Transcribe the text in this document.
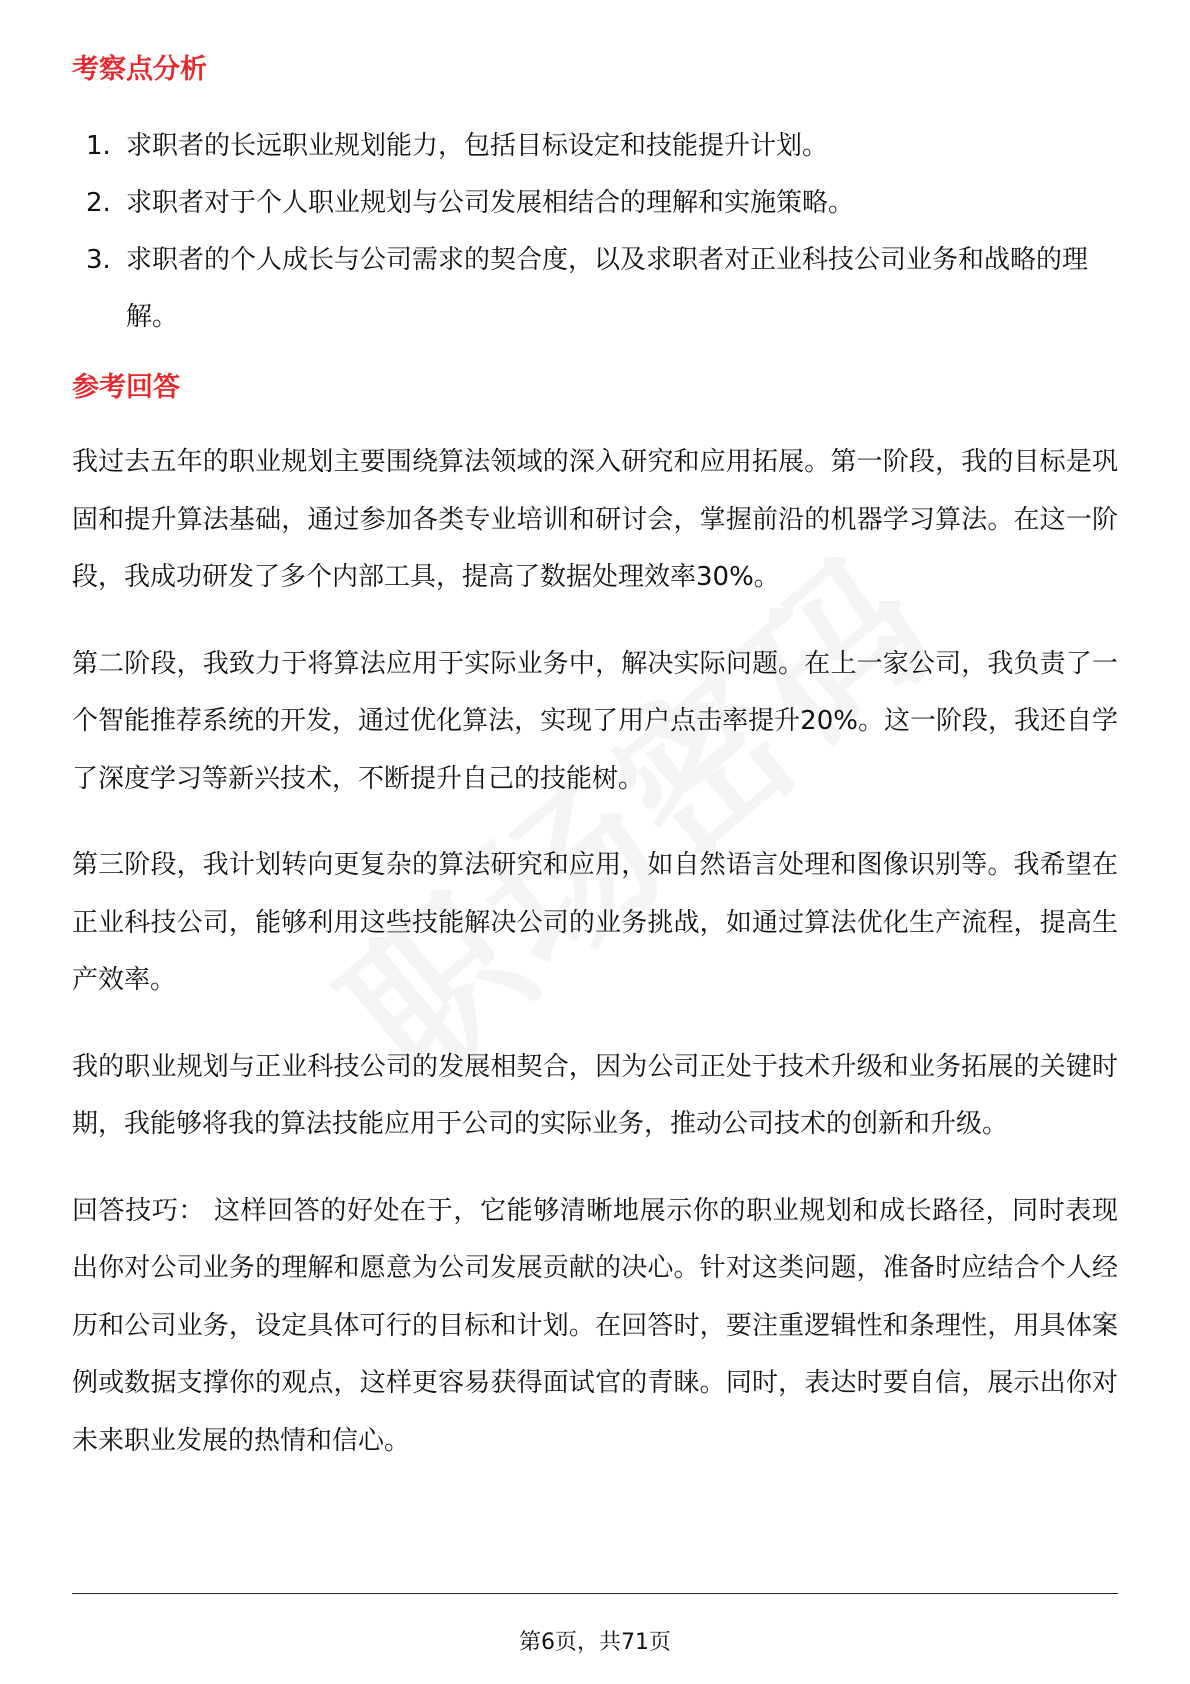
考察点分析
1. 求职者的长远职业规划能力，包括目标设定和技能提升计划。
2. 求职者对于个人职业规划与公司发展相结合的理解和实施策略。
3. 求职者的个人成长与公司需求的契合度，以及求职者对正业科技公司业务和战略的理解。
参考回答

我过去五年的职业规划主要围绕算法领域的深入研究和应用拓展。第一阶段，我的目标是巩固和提升算法基础，通过参加各类专业培训和研讨会，掌握前沿的机器学习算法。在这一阶段，我成功研发了多个内部工具，提高了数据处理效率30%。

第二阶段，我致力于将算法应用于实际业务中，解决实际问题。在上一家公司，我负责了一个智能推荐系统的开发，通过优化算法，实现了用户点击率提升20%。这一阶段，我还自学了深度学习等新兴技术，不断提升自己的技能树。

第三阶段，我计划转向更复杂的算法研究和应用，如自然语言处理和图像识别等。我希望在正业科技公司，能够利用这些技能解决公司的业务挑战，如通过算法优化生产流程，提高生产效率。

我的职业规划与正业科技公司的发展相契合，因为公司正处于技术升级和业务拓展的关键时期，我能够将我的算法技能应用于公司的实际业务，推动公司技术的创新和升级。

回答技巧： 这样回答的好处在于，它能够清晰地展示你的职业规划和成长路径，同时表现出你对公司业务的理解和愿意为公司发展贡献的决心。针对这类问题，准备时应结合个人经历和公司业务，设定具体可行的目标和计划。在回答时，要注重逻辑性和条理性，用具体案例或数据支撑你的观点，这样更容易获得面试官的青睐。同时，表达时要自信，展示出你对未来职业发展的热情和信心。

第6页，共71页
